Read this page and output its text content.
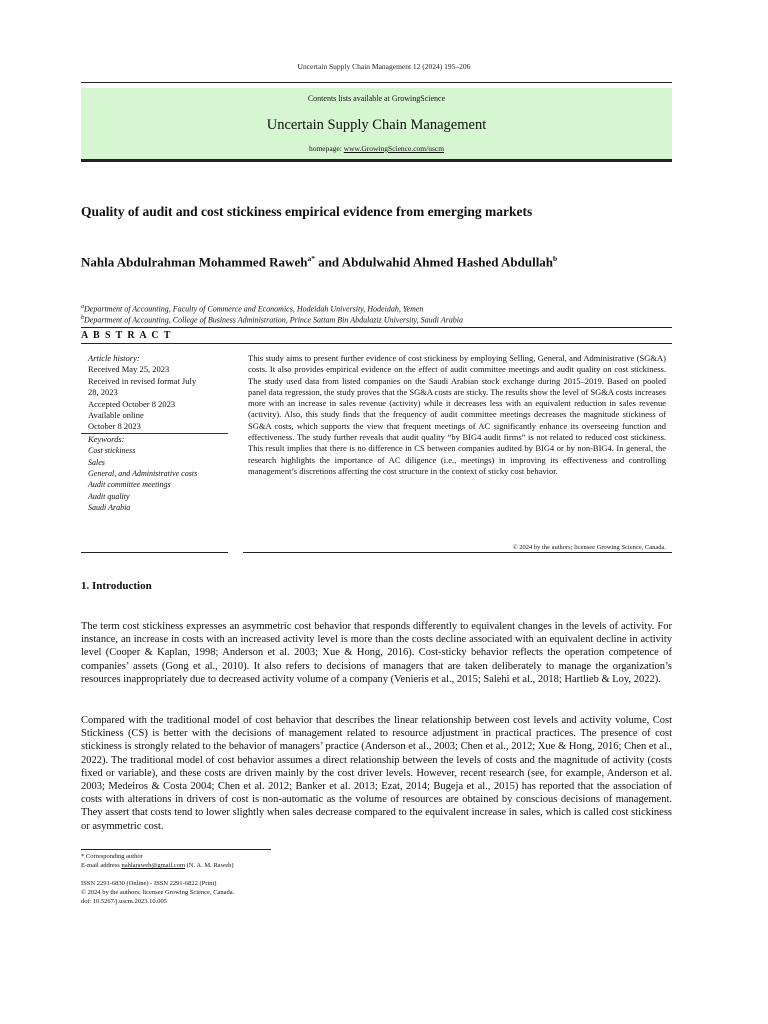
Uncertain Supply Chain Management 12 (2024) 195–206
Contents lists available at GrowingScience
Uncertain Supply Chain Management
homepage: www.GrowingScience.com/uscm
Quality of audit and cost stickiness empirical evidence from emerging markets
Nahla Abdulrahman Mohammed Raweh$^{a*}$ and Abdulwahid Ahmed Hashed Abdullah$^b$
$^a$Department of Accounting, Faculty of Commerce and Economics, Hodeidah University, Hodeidah, Yemen
$^b$Department of Accounting, College of Business Administration, Prince Sattam Bin Abdulaziz University, Saudi Arabia
A B S T R A C T
Article history:
Received May 25, 2023
Received in revised format July
28, 2023
Accepted October 8 2023
Available online
October 8 2023
Keywords:
Cost stickiness
Sales
General, and Administrative costs
Audit committee meetings
Audit quality
Saudi Arabia
This study aims to present further evidence of cost stickiness by employing Selling, General, and Administrative (SG&A) costs. It also provides empirical evidence on the effect of audit committee meetings and audit quality on cost stickiness. The study used data from listed companies on the Saudi Arabian stock exchange during 2015–2019. Based on pooled panel data regression, the study proves that the SG&A costs are sticky. The results show the level of SG&A costs increases more with an increase in sales revenue (activity) while it decreases less with an equivalent reduction in sales revenue (activity). Also, this study finds that the frequency of audit committee meetings decreases the magnitude stickiness of SG&A costs, which supports the view that frequent meetings of AC significantly enhance its overseeing function and effectiveness. The study further reveals that audit quality “by BIG4 audit firms” is not related to reduced cost stickiness. This result implies that there is no difference in CS between companies audited by BIG4 or by non-BIG4. In general, the research highlights the importance of AC diligence (i.e., meetings) in improving its effectiveness and controlling management’s discretions affecting the cost structure in the context of sticky cost behavior.
© 2024 by the authors; licensee Growing Science, Canada.
1. Introduction
The term cost stickiness expresses an asymmetric cost behavior that responds differently to equivalent changes in the levels of activity. For instance, an increase in costs with an increased activity level is more than the costs decline associated with an equivalent decline in activity level (Cooper & Kaplan, 1998; Anderson et al. 2003; Xue & Hong, 2016). Cost-sticky behavior reflects the operation competence of companies’ assets (Gong et al., 2010). It also refers to decisions of managers that are taken deliberately to manage the organization’s resources inappropriately due to decreased activity volume of a company (Venieris et al., 2015; Salehi et al., 2018; Hartlieb & Loy, 2022).
Compared with the traditional model of cost behavior that describes the linear relationship between cost levels and activity volume, Cost Stickiness (CS) is better with the decisions of management related to resource adjustment in practical practices. The presence of cost stickiness is strongly related to the behavior of managers’ practice (Anderson et al., 2003; Chen et al., 2012; Xue & Hong, 2016; Chen et al., 2022). The traditional model of cost behavior assumes a direct relationship between the levels of costs and the magnitude of activity (costs fixed or variable), and these costs are driven mainly by the cost driver levels. However, recent research (see, for example, Anderson et al. 2003; Medeiros & Costa 2004; Chen et al. 2012; Banker et al. 2013; Ezat, 2014; Bugeja et al., 2015) has reported that the association of costs with alterations in drivers of cost is non-automatic as the volume of resources are obtained by conscious decisions of management. They assert that costs tend to lower slightly when sales decrease compared to the equivalent increase in sales, which is called cost stickiness or asymmetric cost.
* Corresponding author
E-mail address nahlaraweh@gmail.com (N. A. M. Raweh)
ISSN 2291-6830 (Online) - ISSN 2291-6822 (Print)
© 2024 by the authors; licensee Growing Science, Canada.
doi: 10.5267/j.uscm.2023.10.005
